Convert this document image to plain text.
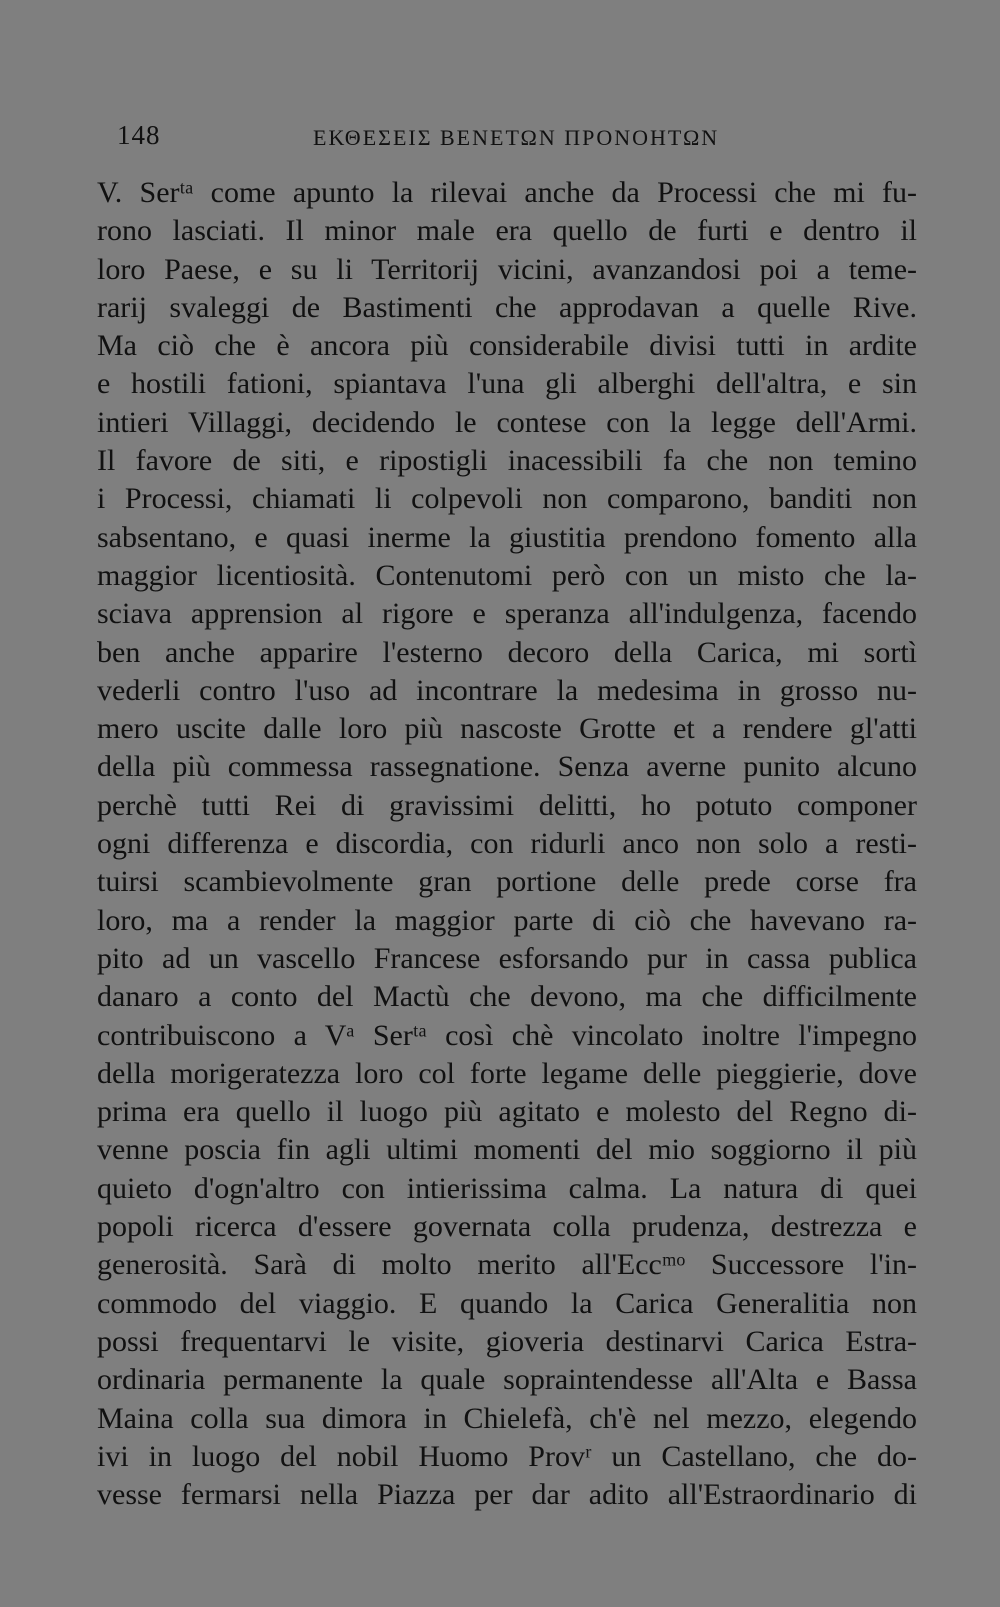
148	ΕΚΘΕΣΕΙΣ ΒΕΝΕΤΩΝ ΠΡΟΝΟΗΤΩΝ
V. Serᵗᵃ come apunto la rilevai anche da Processi che mi fu-
rono lasciati. Il minor male era quello de furti e dentro il
loro Paese, e su li Territorij vicini, avanzandosi poi a teme-
rarij svaleggi de Bastimenti che approdavan a quelle Rive.
Ma ciò che è ancora più considerabile divisi tutti in ardite
e hostili fationi, spiantava l'una gli alberghi dell'altra, e sin
intieri Villaggi, decidendo le contese con la legge dell'Armi.
Il favore de siti, e ripostigli inacessibili fa che non temino
i Processi, chiamati li colpevoli non comparono, banditi non
sabsentano, e quasi inerme la giustitia prendono fomento alla
maggior licentiosità. Contenutomi però con un misto che la-
sciava apprension al rigore e speranza all'indulgenza, facendo
ben anche apparire l'esterno decoro della Carica, mi sortì
vederli contro l'uso ad incontrare la medesima in grosso nu-
mero uscite dalle loro più nascoste Grotte et a rendere gl'atti
della più commessa rassegnatione. Senza averne punito alcuno
perchè tutti Rei di gravissimi delitti, ho potuto componer
ogni differenza e discordia, con ridurli anco non solo a resti-
tuirsi scambievolmente gran portione delle prede corse fra
loro, ma a render la maggior parte di ciò che havevano ra-
pito ad un vascello Francese esforsando pur in cassa publica
danaro a conto del Mactù che devono, ma che difficilmente
contribuiscono a Vᵃ Serᵗᵃ così chè vincolato inoltre l'impegno
della morigeratezza loro col forte legame delle pieggierie, dove
prima era quello il luogo più agitato e molesto del Regno di-
venne poscia fin agli ultimi momenti del mio soggiorno il più
quieto d'ogn'altro con intierissima calma. La natura di quei
popoli ricerca d'essere governata colla prudenza, destrezza e
generosità. Sarà di molto merito all'Eccᵐᵒ Successore l'in-
commodo del viaggio. E quando la Carica Generalitia non
possi frequentarvi le visite, gioveria destinarvi Carica Estra-
ordinaria permanente la quale sopraintendesse all'Alta e Bassa
Maina colla sua dimora in Chielefà, ch'è nel mezzo, elegendo
ivi in luogo del nobil Huomo Provʳ un Castellano, che do-
vesse fermarsi nella Piazza per dar adito all'Estraordinario di
